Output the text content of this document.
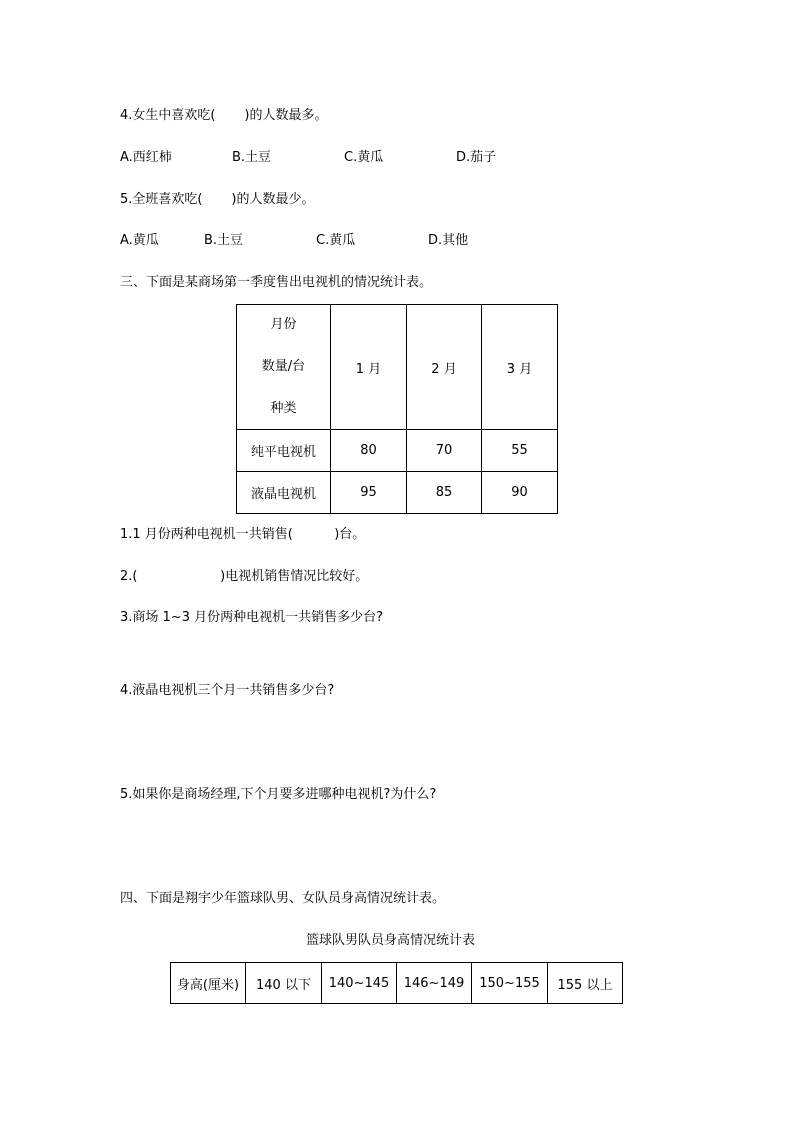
4.女生中喜欢吃(       )的人数最多。
A.西红柿	B.土豆	C.黄瓜	D.茄子
5.全班喜欢吃(       )的人数最少。
A.黄瓜	B.土豆	C.黄瓜	D.其他
三、下面是某商场第一季度售出电视机的情况统计表。
月份
数量/台
种类	1 月	2 月	3 月
纯平电视机	80	70	55
液晶电视机	95	85	90
1.1 月份两种电视机一共销售(          )台。
2.(                    )电视机销售情况比较好。
3.商场 1~3 月份两种电视机一共销售多少台?
4.液晶电视机三个月一共销售多少台?
5.如果你是商场经理,下个月要多进哪种电视机?为什么?
四、下面是翔宇少年篮球队男、女队员身高情况统计表。
篮球队男队员身高情况统计表
身高(厘米)	140 以下	140~145	146~149	150~155	155 以上
